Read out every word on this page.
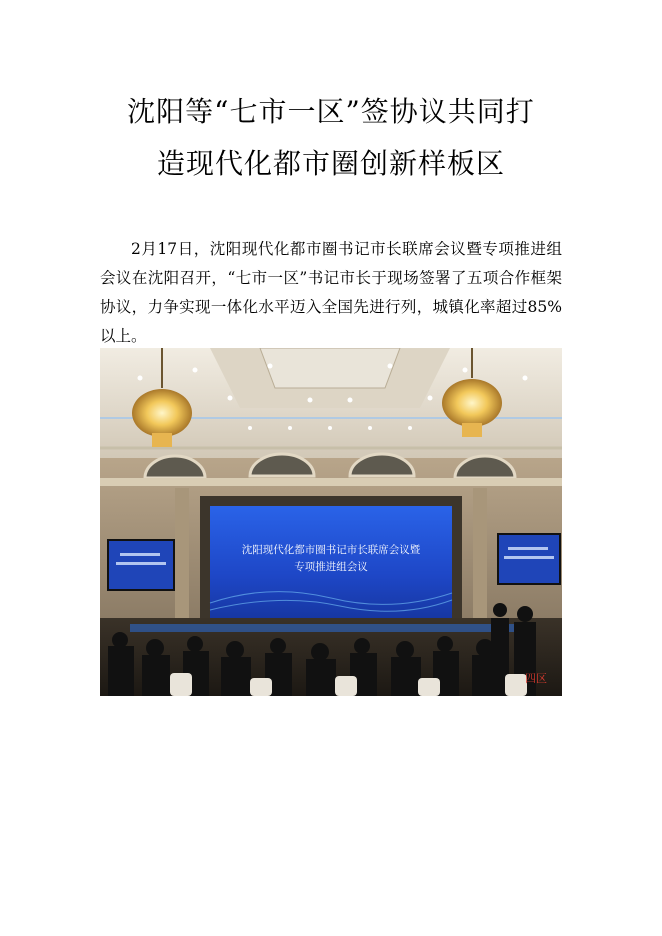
沈阳等“七市一区”签协议共同打
造现代化都市圈创新样板区

2月17日，沈阳现代化都市圈书记市长联席会议暨专项推进组会议在沈阳召开，“七市一区”书记市长于现场签署了五项合作框架协议，力争实现一体化水平迈入全国先进行列，城镇化率超过85%以上。

沈阳现代化都市圈书记市长联席会议暨
专项推进组会议
四区
